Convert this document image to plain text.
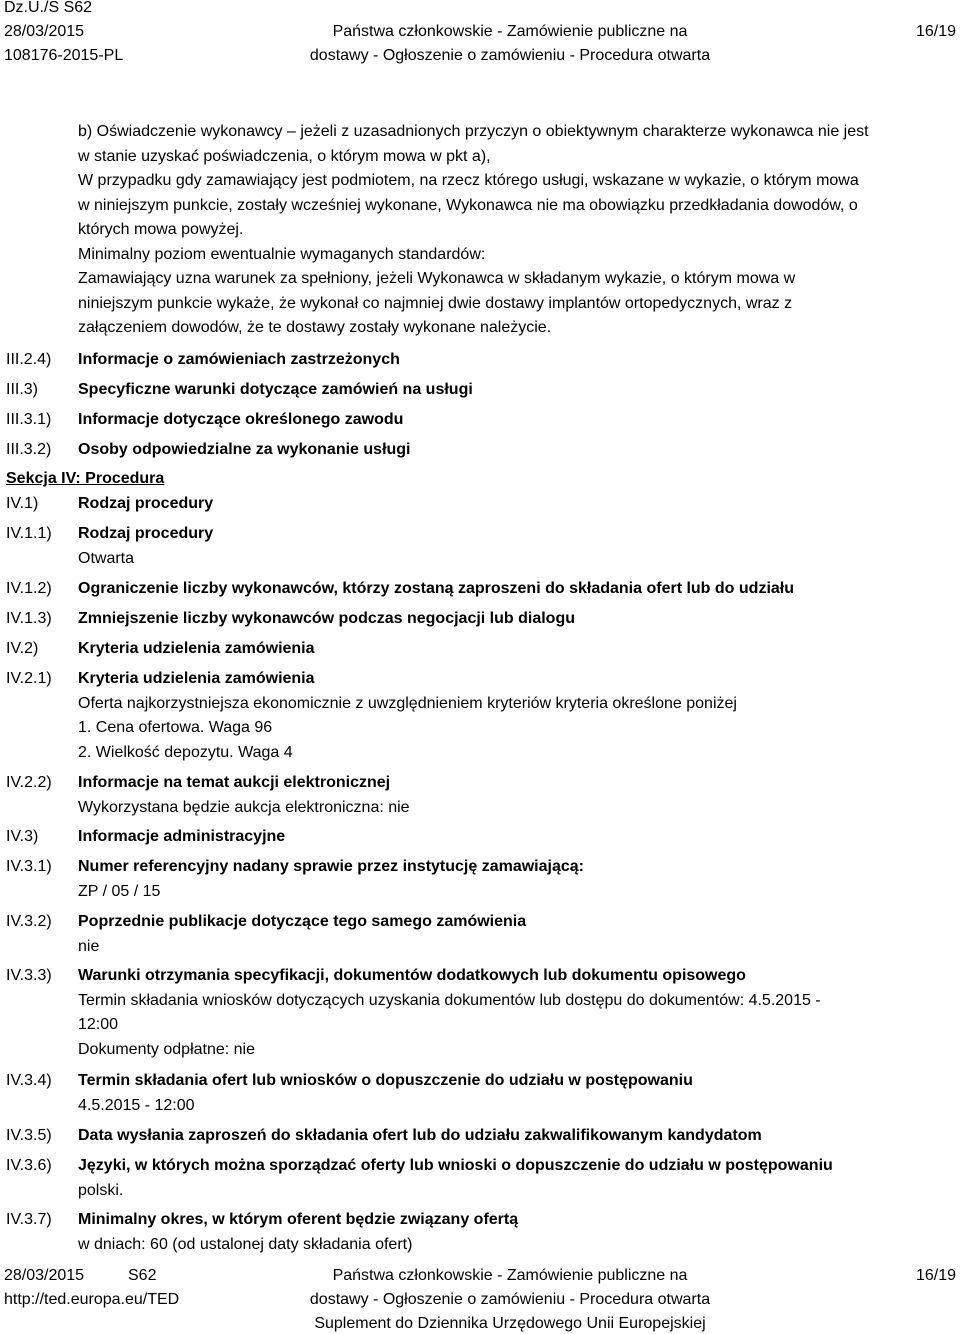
Dz.U./S S62
28/03/2015
108176-2015-PL
Państwa członkowskie - Zamówienie publiczne na
dostawy - Ogłoszenie o zamówieniu - Procedura otwarta
16/19
b) Oświadczenie wykonawcy – jeżeli z uzasadnionych przyczyn o obiektywnym charakterze wykonawca nie jest
w stanie uzyskać poświadczenia, o którym mowa w pkt a),
W przypadku gdy zamawiający jest podmiotem, na rzecz którego usługi, wskazane w wykazie, o którym mowa
w niniejszym punkcie, zostały wcześniej wykonane, Wykonawca nie ma obowiązku przedkładania dowodów, o
których mowa powyżej.
Minimalny poziom ewentualnie wymaganych standardów:
Zamawiający uzna warunek za spełniony, jeżeli Wykonawca w składanym wykazie, o którym mowa w
niniejszym punkcie wykaże, że wykonał co najmniej dwie dostawy implantów ortopedycznych, wraz z
załączeniem dowodów, że te dostawy zostały wykonane należycie.
III.2.4) Informacje o zamówieniach zastrzeżonych
III.3) Specyficzne warunki dotyczące zamówień na usługi
III.3.1) Informacje dotyczące określonego zawodu
III.3.2) Osoby odpowiedzialne za wykonanie usługi
Sekcja IV: Procedura
IV.1) Rodzaj procedury
IV.1.1) Rodzaj procedury
Otwarta
IV.1.2) Ograniczenie liczby wykonawców, którzy zostaną zaproszeni do składania ofert lub do udziału
IV.1.3) Zmniejszenie liczby wykonawców podczas negocjacji lub dialogu
IV.2) Kryteria udzielenia zamówienia
IV.2.1) Kryteria udzielenia zamówienia
Oferta najkorzystniejsza ekonomicznie z uwzględnieniem kryteriów kryteria określone poniżej
1. Cena ofertowa. Waga 96
2. Wielkość depozytu. Waga 4
IV.2.2) Informacje na temat aukcji elektronicznej
Wykorzystana będzie aukcja elektroniczna: nie
IV.3) Informacje administracyjne
IV.3.1) Numer referencyjny nadany sprawie przez instytucję zamawiającą:
ZP / 05 / 15
IV.3.2) Poprzednie publikacje dotyczące tego samego zamówienia
nie
IV.3.3) Warunki otrzymania specyfikacji, dokumentów dodatkowych lub dokumentu opisowego
Termin składania wniosków dotyczących uzyskania dokumentów lub dostępu do dokumentów: 4.5.2015 -
12:00
Dokumenty odpłatne: nie
IV.3.4) Termin składania ofert lub wniosków o dopuszczenie do udziału w postępowaniu
4.5.2015 - 12:00
IV.3.5) Data wysłania zaproszeń do składania ofert lub do udziału zakwalifikowanym kandydatom
IV.3.6) Języki, w których można sporządzać oferty lub wnioski o dopuszczenie do udziału w postępowaniu
polski.
IV.3.7) Minimalny okres, w którym oferent będzie związany ofertą
w dniach: 60 (od ustalonej daty składania ofert)
28/03/2015	S62
http://ted.europa.eu/TED
Państwa członkowskie - Zamówienie publiczne na
dostawy - Ogłoszenie o zamówieniu - Procedura otwarta
Suplement do Dziennika Urzędowego Unii Europejskiej
16/19
